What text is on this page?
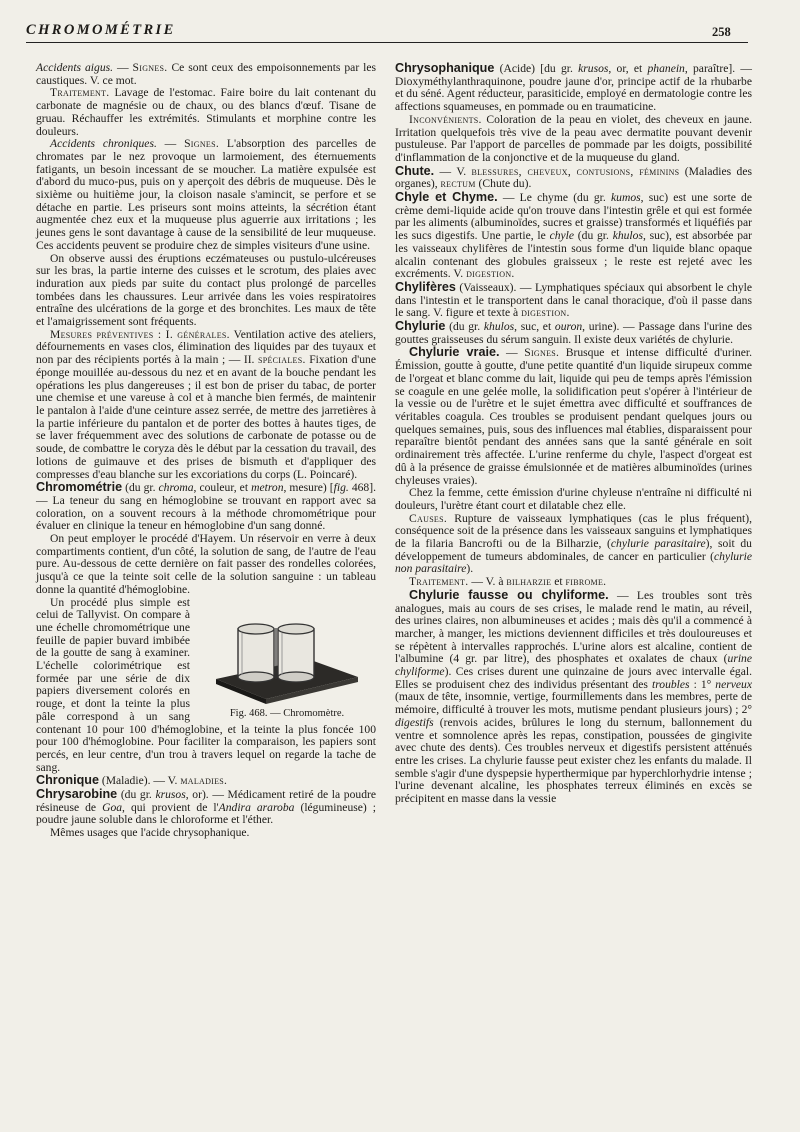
CHROMOMÉTRIE	258

Accidents aigus. — Signes. Ce sont ceux des empoisonnements par les caustiques. V. ce mot.

Traitement. Lavage de l'estomac. Faire boire du lait contenant du carbonate de magnésie ou de chaux, ou des blancs d'œuf. Tisane de gruau. Réchauffer les extrémités. Stimulants et morphine contre les douleurs.

Accidents chroniques. — Signes. L'absorption des parcelles de chromates par le nez provoque un larmoiement, des éternuements fatigants, un besoin incessant de se moucher. La matière expulsée est d'abord du muco-pus, puis on y aperçoit des débris de muqueuse. Dès le sixième ou huitième jour, la cloison nasale s'amincit, se perfore et se détache en partie. Les priseurs sont moins atteints, la sécrétion étant augmentée chez eux et la muqueuse plus aguerrie aux irritations ; les jeunes gens le sont davantage à cause de la sensibilité de leur muqueuse. Ces accidents peuvent se produire chez de simples visiteurs d'une usine.

On observe aussi des éruptions eczémateuses ou pustulo-ulcéreuses sur les bras, la partie interne des cuisses et le scrotum, des plaies avec induration aux pieds par suite du contact plus prolongé de parcelles tombées dans les chaussures. Leur arrivée dans les voies respiratoires entraîne des ulcérations de la gorge et des bronchites. Les maux de tête et l'amaigrissement sont fréquents.

Mesures préventives : I. générales. Ventilation active des ateliers, défournements en vases clos, élimination des liquides par des tuyaux et non par des récipients portés à la main ; — II. spéciales. Fixation d'une éponge mouillée au-dessous du nez et en avant de la bouche pendant les opérations les plus dangereuses ; il est bon de priser du tabac, de porter une chemise et une vareuse à col et à manche bien fermés, de maintenir le pantalon à l'aide d'une ceinture assez serrée, de mettre des jarretières à la partie inférieure du pantalon et de porter des bottes à hautes tiges, de se laver fréquemment avec des solutions de carbonate de potasse ou de soude, de combattre le coryza dès le début par la cessation du travail, des lotions de guimauve et des prises de bismuth et d'appliquer des compresses d'eau blanche sur les excoriations du corps (L. Poincaré).

Chromométrie (du gr. chroma, couleur, et metron, mesure) [fig. 468]. — La teneur du sang en hémoglobine se trouvant en rapport avec sa coloration, on a souvent recours à la méthode chromométrique pour évaluer en clinique la teneur en hémoglobine d'un sang donné.

On peut employer le procédé d'Hayem. Un réservoir en verre à deux compartiments contient, d'un côté, la solution de sang, de l'autre de l'eau pure. Au-dessous de cette dernière on fait passer des rondelles colorées, jusqu'à ce que la teinte soit celle de la solution sanguine : un tableau donne la quantité d'hémoglobine.

Fig. 468. — Chromomètre.

Un procédé plus simple est celui de Tallyvist. On compare à une échelle chromométrique une feuille de papier buvard imbibée de la goutte de sang à examiner. L'échelle colorimétrique est formée par une série de dix papiers diversement colorés en rouge, et dont la teinte la plus pâle correspond à un sang contenant 10 pour 100 d'hémoglobine, et la teinte la plus foncée 100 pour 100 d'hémoglobine. Pour faciliter la comparaison, les papiers sont percés, en leur centre, d'un trou à travers lequel on regarde la tache de sang.

Chronique (Maladie). — V. maladies.

Chrysarobine (du gr. krusos, or). — Médicament retiré de la poudre résineuse de Goa, qui provient de l'Andira araroba (légumineuse) ; poudre jaune soluble dans le chloroforme et l'éther.

Mêmes usages que l'acide chrysophanique.

Chrysophanique (Acide) [du gr. krusos, or, et phanein, paraître]. — Dioxyméthylanthraquinone, poudre jaune d'or, principe actif de la rhubarbe et du séné. Agent réducteur, parasiticide, employé en dermatologie contre les affections squameuses, en pommade ou en traumaticine.

Inconvénients. Coloration de la peau en violet, des cheveux en jaune. Irritation quelquefois très vive de la peau avec dermatite pouvant devenir pustuleuse. Par l'apport de parcelles de pommade par les doigts, possibilité d'inflammation de la conjonctive et de la muqueuse du gland.

Chute. — V. blessures, cheveux, contusions, féminins (Maladies des organes), rectum (Chute du).

Chyle et Chyme. — Le chyme (du gr. kumos, suc) est une sorte de crème demi-liquide acide qu'on trouve dans l'intestin grêle et qui est formée par les aliments (albuminoïdes, sucres et graisse) transformés et liquéfiés par les sucs digestifs. Une partie, le chyle (du gr. khulos, suc), est absorbée par les vaisseaux chylifères de l'intestin sous forme d'un liquide blanc opaque alcalin contenant des globules graisseux ; le reste est rejeté avec les excréments. V. digestion.

Chylifères (Vaisseaux). — Lymphatiques spéciaux qui absorbent le chyle dans l'intestin et le transportent dans le canal thoracique, d'où il passe dans le sang. V. figure et texte à digestion.

Chylurie (du gr. khulos, suc, et ouron, urine). — Passage dans l'urine des gouttes graisseuses du sérum sanguin. Il existe deux variétés de chylurie.

Chylurie vraie. — Signes. Brusque et intense difficulté d'uriner. Émission, goutte à goutte, d'une petite quantité d'un liquide sirupeux comme de l'orgeat et blanc comme du lait, liquide qui peu de temps après l'émission se coagule en une gelée molle, la solidification peut s'opérer à l'intérieur de la vessie ou de l'urètre et le sujet émettra avec difficulté et souffrances de véritables coagula. Ces troubles se produisent pendant quelques jours ou quelques semaines, puis, sous des influences mal établies, disparaissent pour reparaître bientôt pendant des années sans que la santé générale en soit ordinairement très affectée. L'urine renferme du chyle, l'aspect d'orgeat est dû à la présence de graisse émulsionnée et de matières albuminoïdes (urines chyleuses vraies).

Chez la femme, cette émission d'urine chyleuse n'entraîne ni difficulté ni douleurs, l'urètre étant court et dilatable chez elle.

Causes. Rupture de vaisseaux lymphatiques (cas le plus fréquent), conséquence soit de la présence dans les vaisseaux sanguins et lymphatiques de la filaria Bancrofti ou de la Bilharzie, (chylurie parasitaire), soit du développement de tumeurs abdominales, de cancer en particulier (chylurie non parasitaire).

Traitement. — V. à bilharzie et fibrome.

Chylurie fausse ou chyliforme. — Les troubles sont très analogues, mais au cours de ses crises, le malade rend le matin, au réveil, des urines claires, non albumineuses et acides ; mais dès qu'il a commencé à marcher, à manger, les mictions deviennent difficiles et très douloureuses et se répètent à intervalles rapprochés. L'urine alors est alcaline, contient de l'albumine (4 gr. par litre), des phosphates et oxalates de chaux (urine chyliforme). Ces crises durent une quinzaine de jours avec intervalle égal. Elles se produisent chez des individus présentant des troubles : 1° nerveux (maux de tête, insomnie, vertige, fourmillements dans les membres, perte de mémoire, difficulté à trouver les mots, mutisme pendant plusieurs jours) ; 2° digestifs (renvois acides, brûlures le long du sternum, ballonnement du ventre et somnolence après les repas, constipation, poussées de gingivite avec chute des dents). Ces troubles nerveux et digestifs persistent atténués entre les crises. La chylurie fausse peut exister chez les enfants du malade. Il semble s'agir d'une dyspepsie hyperthermique par hyperchlorhydrie intense ; l'urine devenant alcaline, les phosphates terreux éliminés en excès se précipitent en masse dans la vessie
